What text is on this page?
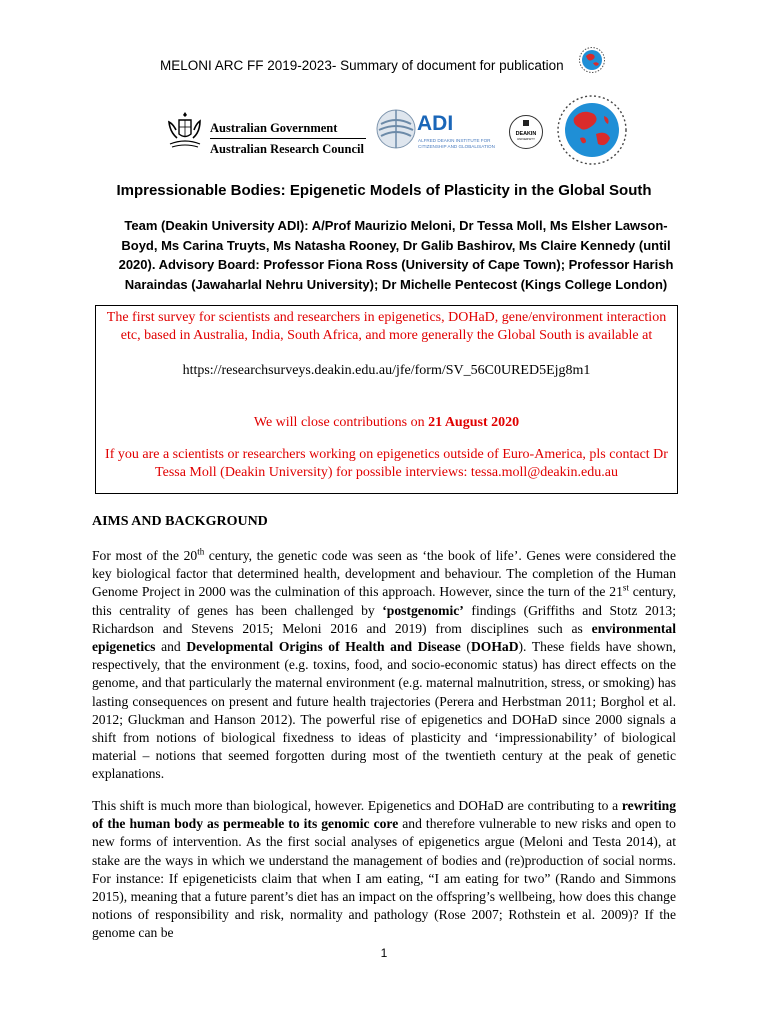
MELONI ARC FF 2019-2023- Summary of document for publication
Australian Government
Australian Research Council
ADI
ALFRED DEAKIN INSTITUTE FOR CITIZENSHIP AND GLOBALISATION
DEAKIN
UNIVERSITY
Impressionable Bodies: Epigenetic Models of Plasticity in the Global South
Team (Deakin University ADI): A/Prof Maurizio Meloni, Dr Tessa Moll, Ms Elsher Lawson-Boyd, Ms Carina Truyts, Ms Natasha Rooney, Dr Galib Bashirov, Ms Claire Kennedy (until 2020). Advisory Board: Professor Fiona Ross (University of Cape Town); Professor Harish Naraindas (Jawaharlal Nehru University); Dr Michelle Pentecost (Kings College London)
The first survey for scientists and researchers in epigenetics, DOHaD, gene/environment interaction etc, based in Australia, India, South Africa, and more generally the Global South is available at
https://researchsurveys.deakin.edu.au/jfe/form/SV_56C0URED5Ejg8m1
We will close contributions on 21 August 2020
If you are a scientists or researchers working on epigenetics outside of Euro-America, pls contact Dr Tessa Moll (Deakin University) for possible interviews: tessa.moll@deakin.edu.au
AIMS AND BACKGROUND
For most of the 20th century, the genetic code was seen as ‘the book of life’. Genes were considered the key biological factor that determined health, development and behaviour. The completion of the Human Genome Project in 2000 was the culmination of this approach. However, since the turn of the 21st century, this centrality of genes has been challenged by ‘postgenomic’ findings (Griffiths and Stotz 2013; Richardson and Stevens 2015; Meloni 2016 and 2019) from disciplines such as environmental epigenetics and Developmental Origins of Health and Disease (DOHaD). These fields have shown, respectively, that the environment (e.g. toxins, food, and socio-economic status) has direct effects on the genome, and that particularly the maternal environment (e.g. maternal malnutrition, stress, or smoking) has lasting consequences on present and future health trajectories (Perera and Herbstman 2011; Borghol et al. 2012; Gluckman and Hanson 2012). The powerful rise of epigenetics and DOHaD since 2000 signals a shift from notions of biological fixedness to ideas of plasticity and ‘impressionability’ of biological material – notions that seemed forgotten during most of the twentieth century at the peak of genetic explanations.
This shift is much more than biological, however. Epigenetics and DOHaD are contributing to a rewriting of the human body as permeable to its genomic core and therefore vulnerable to new risks and open to new forms of intervention. As the first social analyses of epigenetics argue (Meloni and Testa 2014), at stake are the ways in which we understand the management of bodies and (re)production of social norms. For instance: If epigeneticists claim that when I am eating, “I am eating for two” (Rando and Simmons 2015), meaning that a future parent’s diet has an impact on the offspring’s wellbeing, how does this change notions of responsibility and risk, normality and pathology (Rose 2007; Rothstein et al. 2009)? If the genome can be
1
